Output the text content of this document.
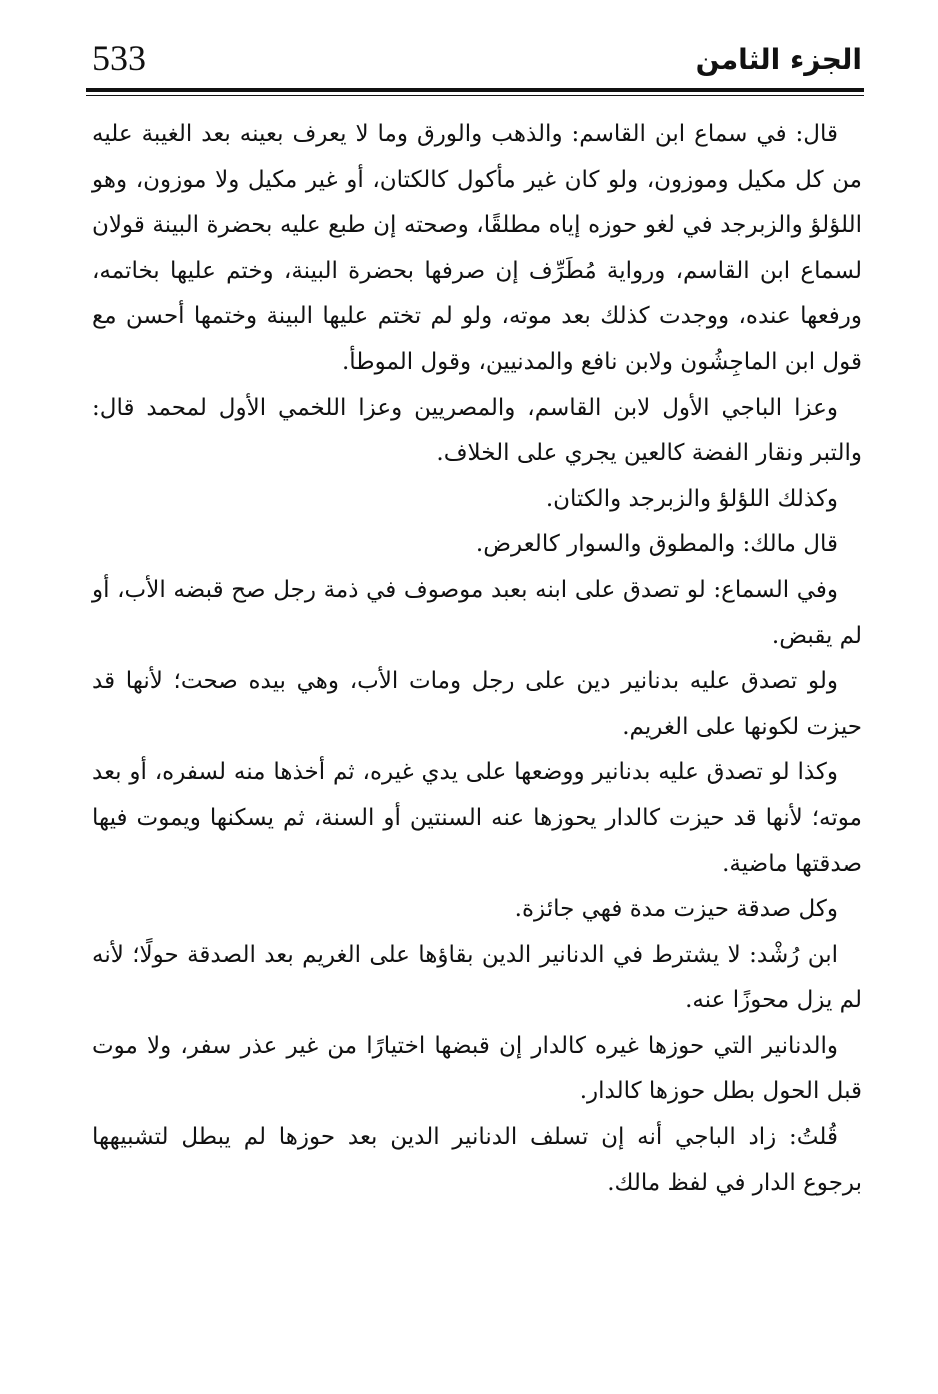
533	الجزء الثامن

قال: في سماع ابن القاسم: والذهب والورق وما لا يعرف بعينه بعد الغيبة عليه من كل مكيل وموزون، ولو كان غير مأكول كالكتان، أو غير مكيل ولا موزون، وهو اللؤلؤ والزبرجد في لغو حوزه إياه مطلقًا، وصحته إن طبع عليه بحضرة البينة قولان لسماع ابن القاسم، ورواية مُطَرِّف إن صرفها بحضرة البينة، وختم عليها بخاتمه، ورفعها عنده، ووجدت كذلك بعد موته، ولو لم تختم عليها البينة وختمها أحسن مع قول ابن الماجِشُون ولابن نافع والمدنيين، وقول الموطأ.

وعزا الباجي الأول لابن القاسم، والمصريين وعزا اللخمي الأول لمحمد قال: والتبر ونقار الفضة كالعين يجري على الخلاف.

وكذلك اللؤلؤ والزبرجد والكتان.

قال مالك: والمطوق والسوار كالعرض.

وفي السماع: لو تصدق على ابنه بعبد موصوف في ذمة رجل صح قبضه الأب، أو لم يقبض.

ولو تصدق عليه بدنانير دين على رجل ومات الأب، وهي بيده صحت؛ لأنها قد حيزت لكونها على الغريم.

وكذا لو تصدق عليه بدنانير ووضعها على يدي غيره، ثم أخذها منه لسفره، أو بعد موته؛ لأنها قد حيزت كالدار يحوزها عنه السنتين أو السنة، ثم يسكنها ويموت فيها صدقتها ماضية.

وكل صدقة حيزت مدة فهي جائزة.

ابن رُشْد: لا يشترط في الدنانير الدين بقاؤها على الغريم بعد الصدقة حولًا؛ لأنه لم يزل محوزًا عنه.

والدنانير التي حوزها غيره كالدار إن قبضها اختيارًا من غير عذر سفر، ولا موت قبل الحول بطل حوزها كالدار.

قُلتُ: زاد الباجي أنه إن تسلف الدنانير الدين بعد حوزها لم يبطل لتشبيهها برجوع الدار في لفظ مالك.
